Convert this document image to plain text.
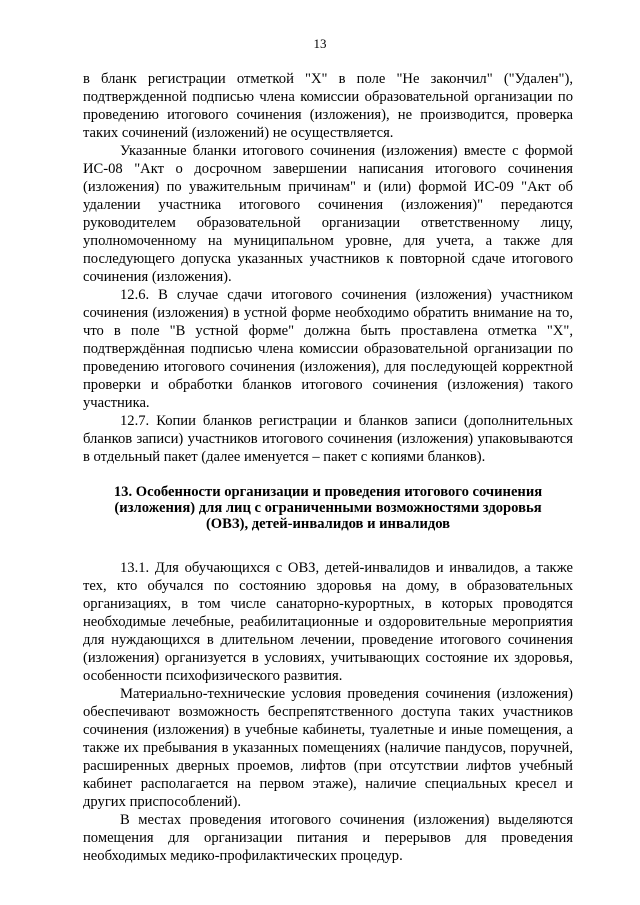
13

в бланк регистрации отметкой "X" в поле "Не закончил" ("Удален"), подтвержденной подписью члена комиссии образовательной организации по проведению итогового сочинения (изложения), не производится, проверка таких сочинений (изложений) не осуществляется.

Указанные бланки итогового сочинения (изложения) вместе с формой ИС-08 "Акт о досрочном завершении написания итогового сочинения (изложения) по уважительным причинам" и (или) формой ИС-09 "Акт об удалении участника итогового сочинения (изложения)" передаются руководителем образовательной организации ответственному лицу, уполномоченному на муниципальном уровне, для учета, а также для последующего допуска указанных участников к повторной сдаче итогового сочинения (изложения).

12.6. В случае сдачи итогового сочинения (изложения) участником сочинения (изложения) в устной форме необходимо обратить внимание на то, что в поле "В устной форме" должна быть проставлена отметка "X", подтверждённая подписью члена комиссии образовательной организации по проведению итогового сочинения (изложения), для последующей корректной проверки и обработки бланков итогового сочинения (изложения) такого участника.

12.7. Копии бланков регистрации и бланков записи (дополнительных бланков записи) участников итогового сочинения (изложения) упаковываются в отдельный пакет (далее именуется – пакет с копиями бланков).

13. Особенности организации и проведения итогового сочинения (изложения) для лиц с ограниченными возможностями здоровья (ОВЗ), детей-инвалидов и инвалидов

13.1. Для обучающихся с ОВЗ, детей-инвалидов и инвалидов, а также тех, кто обучался по состоянию здоровья на дому, в образовательных организациях, в том числе санаторно-курортных, в которых проводятся необходимые лечебные, реабилитационные и оздоровительные мероприятия для нуждающихся в длительном лечении, проведение итогового сочинения (изложения) организуется в условиях, учитывающих состояние их здоровья, особенности психофизического развития.

Материально-технические условия проведения сочинения (изложения) обеспечивают возможность беспрепятственного доступа таких участников сочинения (изложения) в учебные кабинеты, туалетные и иные помещения, а также их пребывания в указанных помещениях (наличие пандусов, поручней, расширенных дверных проемов, лифтов (при отсутствии лифтов учебный кабинет располагается на первом этаже), наличие специальных кресел и других приспособлений).

В местах проведения итогового сочинения (изложения) выделяются помещения для организации питания и перерывов для проведения необходимых медико-профилактических процедур.
